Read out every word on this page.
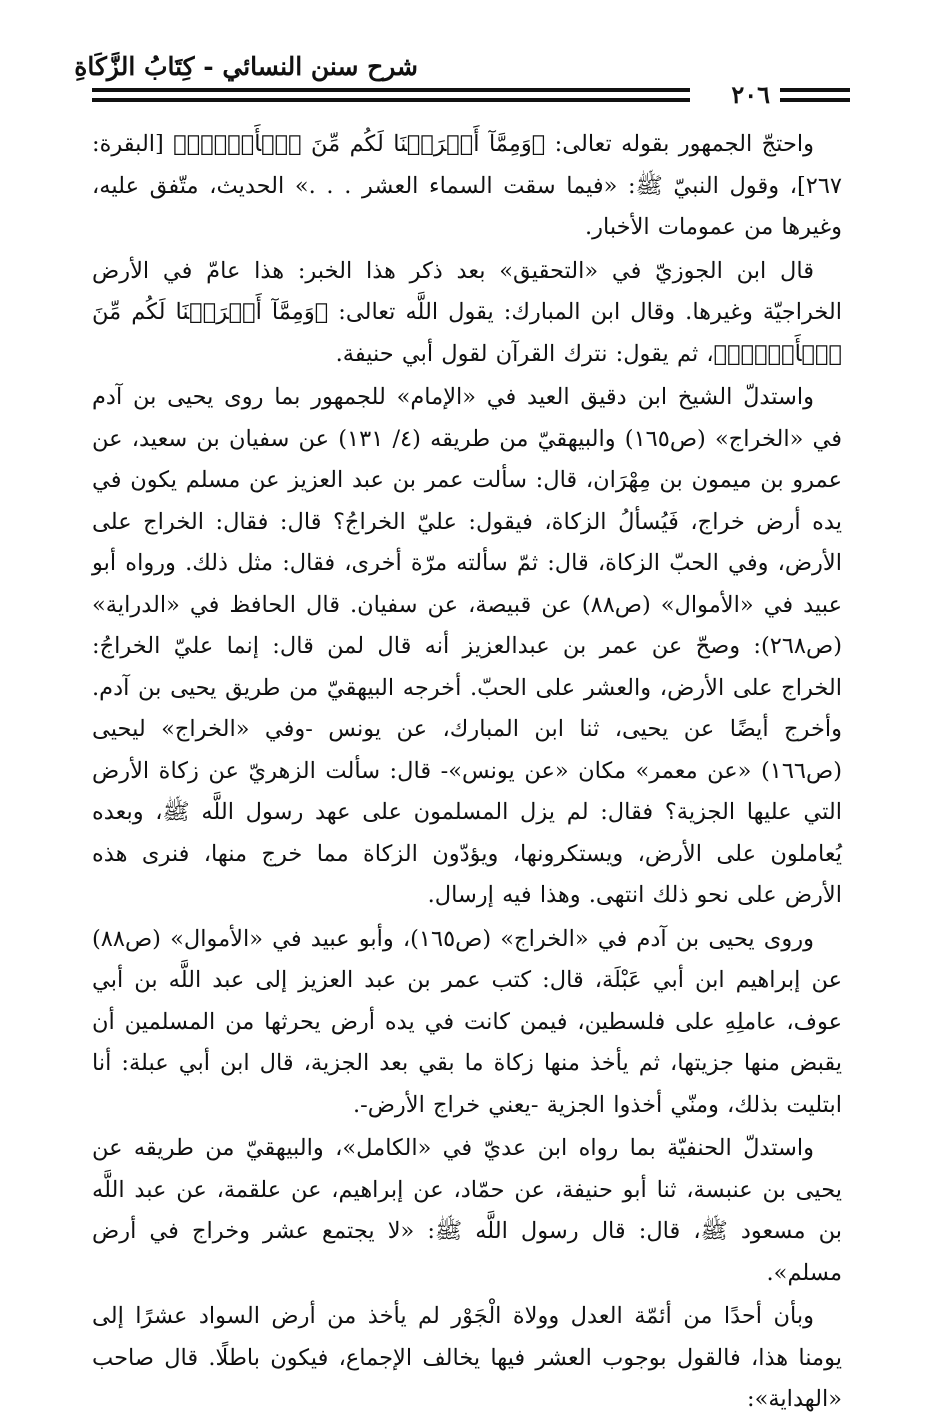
شرح سنن النسائي - كِتَابُ الزَّكَاةِ
٢٠٦

واحتجّ الجمهور بقوله تعالى: ﴿وَمِمَّآ أَخۡرَجۡنَا لَكُم مِّنَ ٱلۡأَرۡضِۖ﴾ [البقرة: ٢٦٧]، وقول النبيّ ﷺ: «فيما سقت السماء العشر . . .» الحديث، متّفق عليه، وغيرها من عمومات الأخبار.

قال ابن الجوزيّ في «التحقيق» بعد ذكر هذا الخبر: هذا عامّ في الأرض الخراجيّة وغيرها. وقال ابن المبارك: يقول اللَّه تعالى: ﴿وَمِمَّآ أَخۡرَجۡنَا لَكُم مِّنَ ٱلۡأَرۡضِۖ﴾، ثم يقول: نترك القرآن لقول أبي حنيفة.

واستدلّ الشيخ ابن دقيق العيد في «الإمام» للجمهور بما روى يحيى بن آدم في «الخراج» (ص١٦٥) والبيهقيّ من طريقه (٤/ ١٣١) عن سفيان بن سعيد، عن عمرو بن ميمون بن مِهْرَان، قال: سألت عمر بن عبد العزيز عن مسلم يكون في يده أرض خراج، فَيُسألُ الزكاة، فيقول: عليّ الخراجُ؟ قال: فقال: الخراج على الأرض، وفي الحبّ الزكاة، قال: ثمّ سألته مرّة أخرى، فقال: مثل ذلك. ورواه أبو عبيد في «الأموال» (ص٨٨) عن قبيصة، عن سفيان. قال الحافظ في «الدراية» (ص٢٦٨): وصحّ عن عمر بن عبدالعزيز أنه قال لمن قال: إنما عليّ الخراجُ: الخراج على الأرض، والعشر على الحبّ. أخرجه البيهقيّ من طريق يحيى بن آدم. وأخرج أيضًا عن يحيى، ثنا ابن المبارك، عن يونس -وفي «الخراج» ليحيى (ص١٦٦) «عن معمر» مكان «عن يونس»- قال: سألت الزهريّ عن زكاة الأرض التي عليها الجزية؟ فقال: لم يزل المسلمون على عهد رسول اللَّه ﷺ، وبعده يُعاملون على الأرض، ويستكرونها، ويؤدّون الزكاة مما خرج منها، فنرى هذه الأرض على نحو ذلك انتهى. وهذا فيه إرسال.

وروى يحيى بن آدم في «الخراج» (ص١٦٥)، وأبو عبيد في «الأموال» (ص٨٨) عن إبراهيم ابن أبي عَبْلَة، قال: كتب عمر بن عبد العزيز إلى عبد اللَّه بن أبي عوف، عاملِهِ على فلسطين، فيمن كانت في يده أرض يحرثها من المسلمين أن يقبض منها جزيتها، ثم يأخذ منها زكاة ما بقي بعد الجزية، قال ابن أبي عبلة: أنا ابتليت بذلك، ومنّي أخذوا الجزية -يعني خراج الأرض-.

واستدلّ الحنفيّة بما رواه ابن عديّ في «الكامل»، والبيهقيّ من طريقه عن يحيى بن عنبسة، ثنا أبو حنيفة، عن حمّاد، عن إبراهيم، عن علقمة، عن عبد اللَّه بن مسعود ﷺ، قال: قال رسول اللَّه ﷺ: «لا يجتمع عشر وخراج في أرض مسلم».

وبأن أحدًا من أئمّة العدل وولاة الْجَوْر لم يأخذ من أرض السواد عشرًا إلى يومنا هذا، فالقول بوجوب العشر فيها يخالف الإجماع، فيكون باطلًا. قال صاحب «الهداية»:
